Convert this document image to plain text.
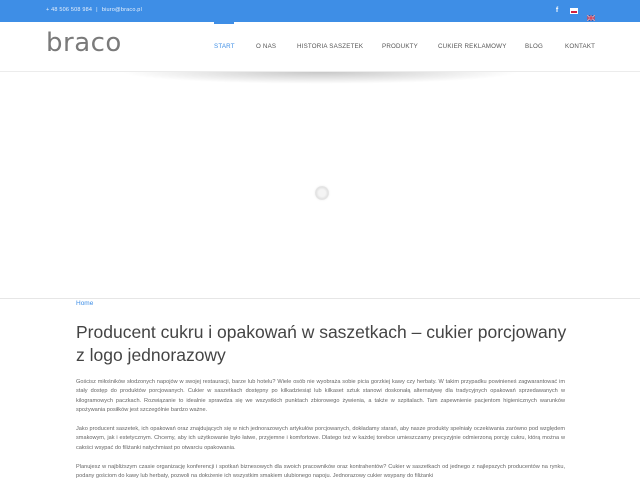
+ 48 506 508 984 | biuro@braco.pl	f
braco	START	O NAS	HISTORIA SASZETEK	PRODUKTY	CUKIER REKLAMOWY	BLOG	KONTAKT
Home
Producent cukru i opakowań w saszetkach – cukier porcjowany z logo jednorazowy

Gościsz miłośników słodzonych napojów w swojej restauracji, barze lub hotelu? Wiele osób nie wyobraża sobie picia gorzkiej kawy czy herbaty. W takim przypadku powinieneś zagwarantować im stały dostęp do produktów porcjowanych. Cukier w saszetkach dostępny po kilkadziesiąt lub kilkaset sztuk stanowi doskonałą alternatywę dla tradycyjnych opakowań sprzedawanych w kilogramowych paczkach. Rozwiązanie to idealnie sprawdza się we wszystkich punktach zbiorowego żywienia, a także w szpitalach. Tam zapewnienie pacjentom higienicznych warunków spożywania posiłków jest szczególnie bardzo ważne.

Jako producent saszetek, ich opakowań oraz znajdujących się w nich jednorazowych artykułów porcjowanych, dokładamy starań, aby nasze produkty spełniały oczekiwania zarówno pod względem smakowym, jak i estetycznym. Chcemy, aby ich użytkowanie było łatwe, przyjemne i komfortowe. Dlatego też w każdej torebce umieszczamy precyzyjnie odmierzoną porcję cukru, którą można w całości wsypać do filiżanki natychmiast po otwarciu opakowania.

Planujesz w najbliższym czasie organizację konferencji i spotkań biznesowych dla swoich pracowników oraz kontrahentów? Cukier w saszetkach od jednego z najlepszych producentów na rynku, podany gościom do kawy lub herbaty, pozwoli na dołożenie ich wszystkim smakiem ulubionego napoju. Jednorazowy cukier wsypany do filiżanki
